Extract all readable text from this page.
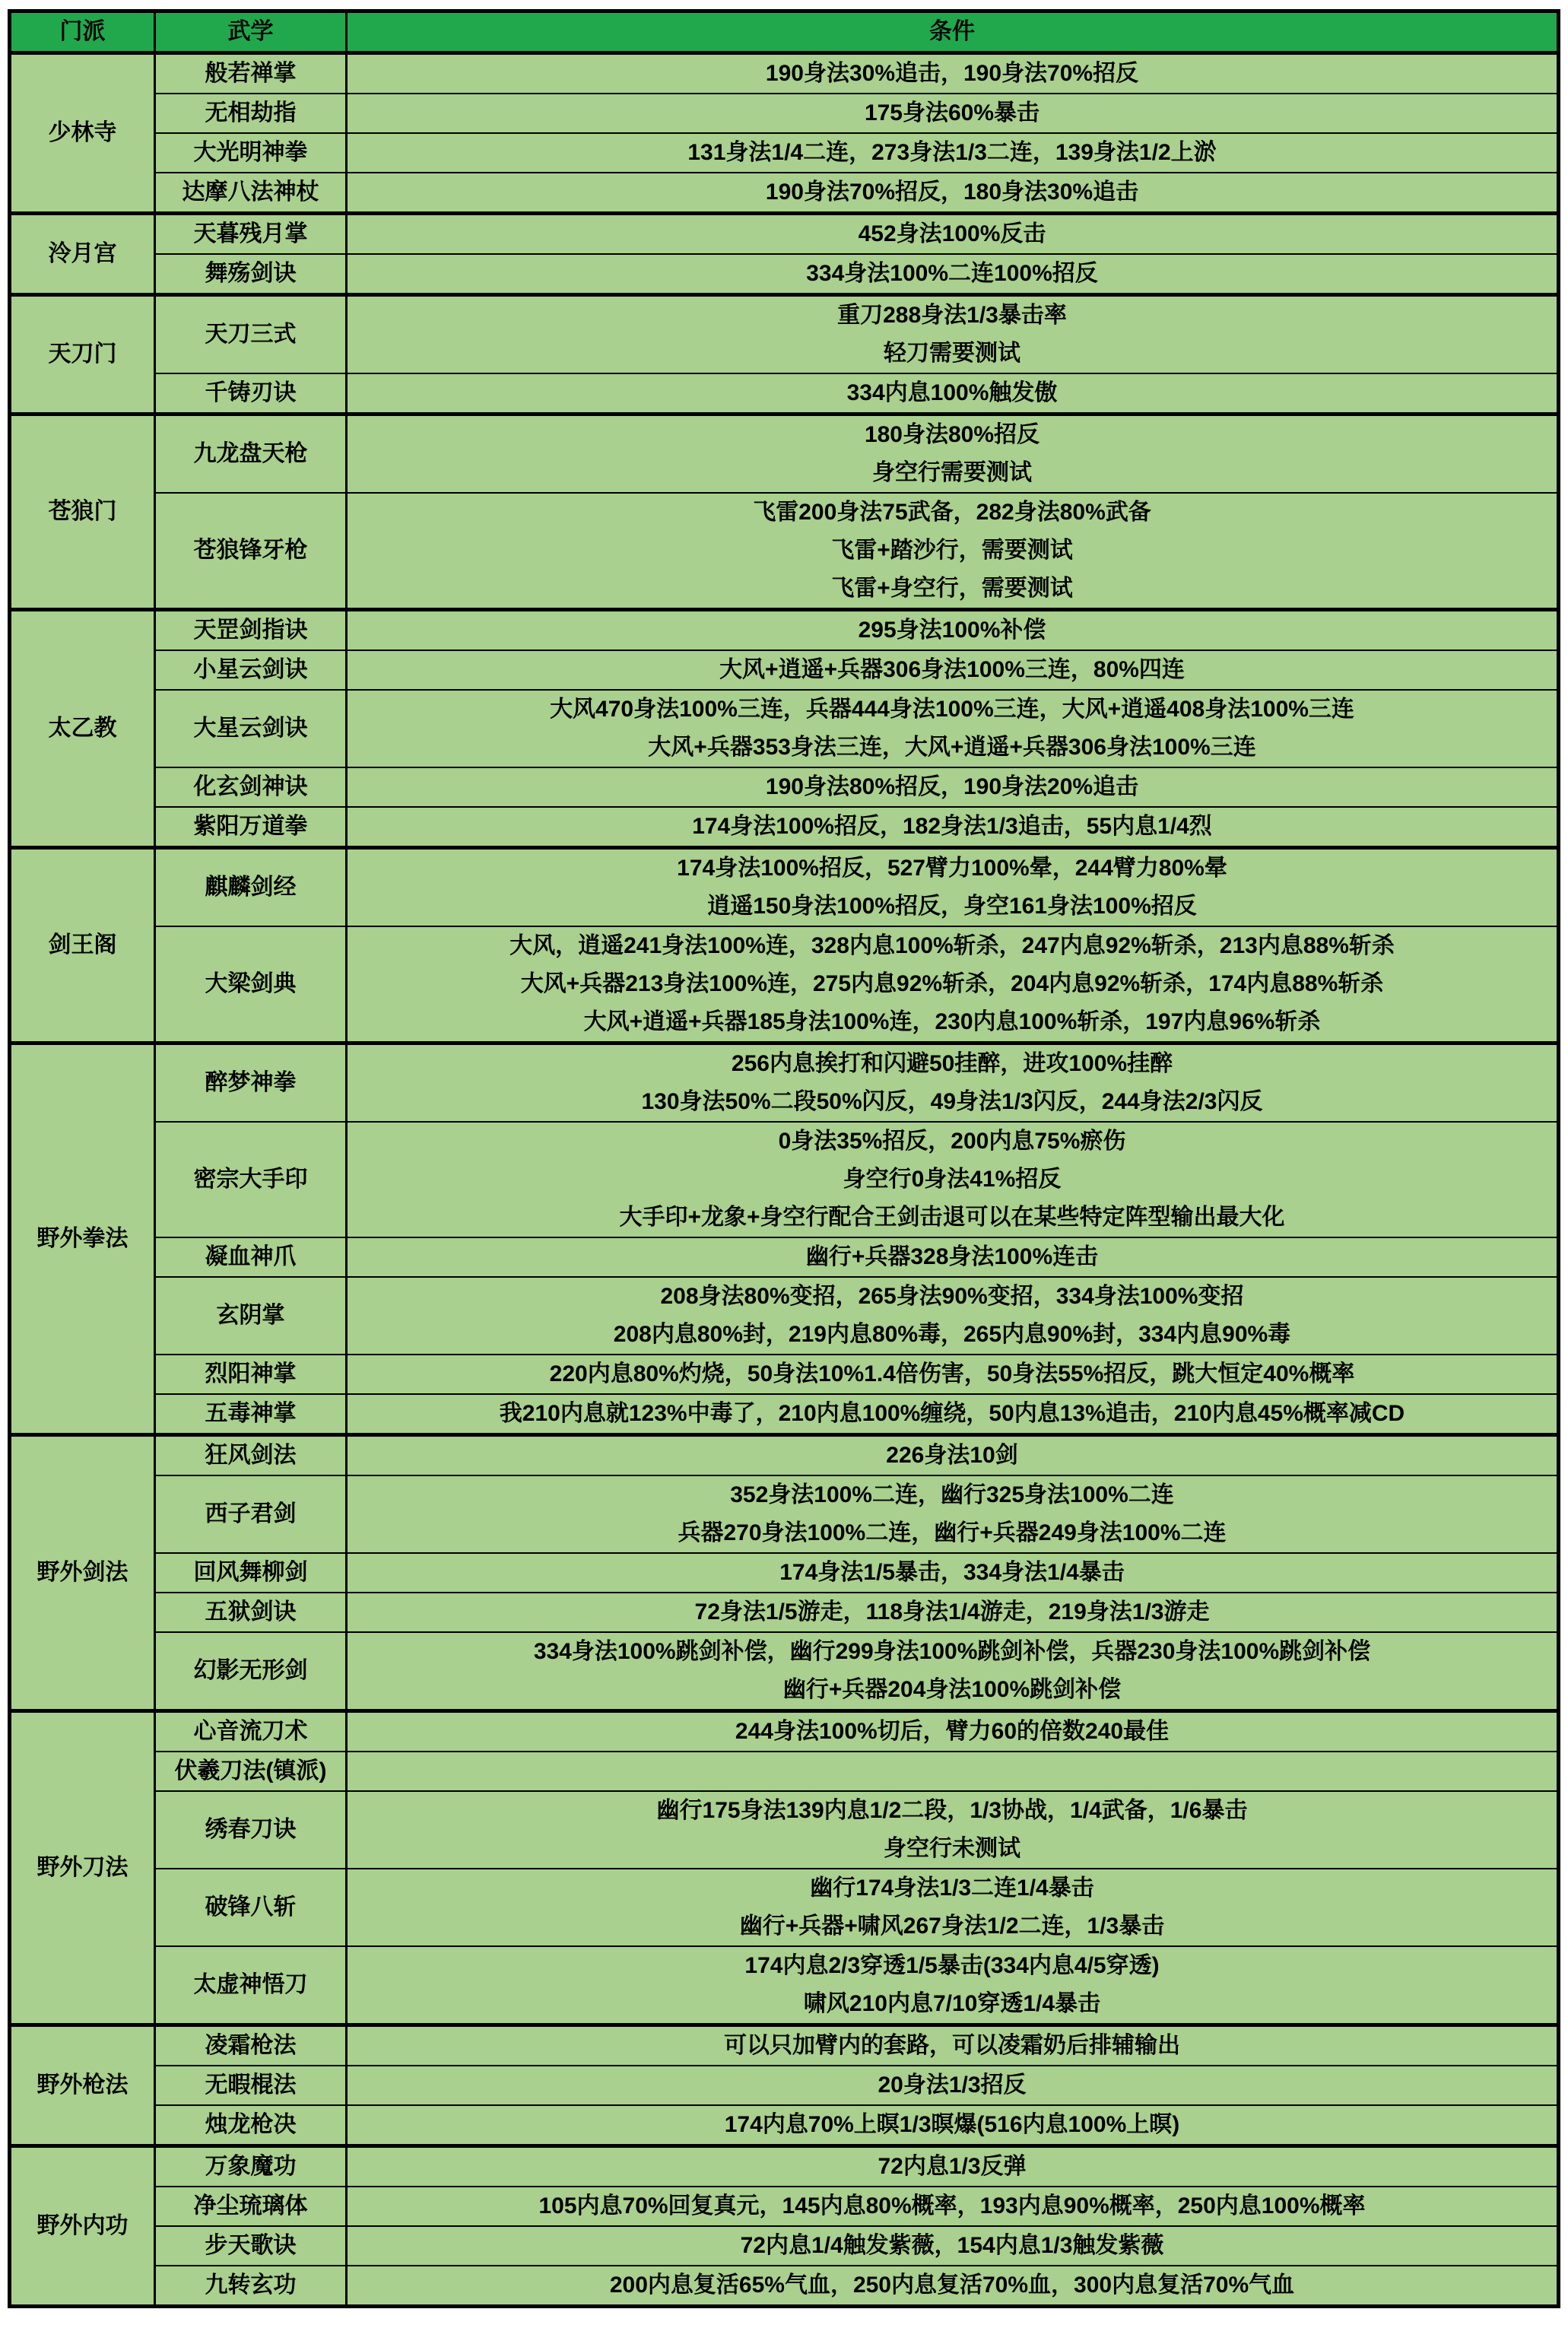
门派	武学	条件
少林寺	般若禅掌	190身法30%追击，190身法70%招反

	无相劫指	175身法60%暴击

	大光明神拳	131身法1/4二连，273身法1/3二连，139身法1/2上淤

	达摩八法神杖	190身法70%招反，180身法30%追击

泠月宫	天暮残月掌	452身法100%反击

	舞殇剑诀	334身法100%二连100%招反

天刀门	天刀三式	重刀288身法1/3暴击率
轻刀需要测试

	千铸刃诀	334内息100%触发傲

苍狼门	九龙盘天枪	180身法80%招反
身空行需要测试

	苍狼锋牙枪	飞雷200身法75武备，282身法80%武备
飞雷+踏沙行，需要测试
飞雷+身空行，需要测试

太乙教	天罡剑指诀	295身法100%补偿

	小星云剑诀	大风+逍遥+兵器306身法100%三连，80%四连

	大星云剑诀	大风470身法100%三连，兵器444身法100%三连，大风+逍遥408身法100%三连
大风+兵器353身法三连，大风+逍遥+兵器306身法100%三连

	化玄剑神诀	190身法80%招反，190身法20%追击

	紫阳万道拳	174身法100%招反，182身法1/3追击，55内息1/4烈

剑王阁	麒麟剑经	174身法100%招反，527臂力100%晕，244臂力80%晕
逍遥150身法100%招反，身空161身法100%招反

	大梁剑典	大风，逍遥241身法100%连，328内息100%斩杀，247内息92%斩杀，213内息88%斩杀
大风+兵器213身法100%连，275内息92%斩杀，204内息92%斩杀，174内息88%斩杀
大风+逍遥+兵器185身法100%连，230内息100%斩杀，197内息96%斩杀

野外拳法	醉梦神拳	256内息挨打和闪避50挂醉，进攻100%挂醉
130身法50%二段50%闪反，49身法1/3闪反，244身法2/3闪反

	密宗大手印	0身法35%招反，200内息75%瘀伤
身空行0身法41%招反
大手印+龙象+身空行配合王剑击退可以在某些特定阵型输出最大化

	凝血神爪	幽行+兵器328身法100%连击

	玄阴掌	208身法80%变招，265身法90%变招，334身法100%变招
208内息80%封，219内息80%毒，265内息90%封，334内息90%毒

	烈阳神掌	220内息80%灼烧，50身法10%1.4倍伤害，50身法55%招反，跳大恒定40%概率

	五毒神掌	我210内息就123%中毒了，210内息100%缠绕，50内息13%追击，210内息45%概率减CD

野外剑法	狂风剑法	226身法10剑

	西子君剑	352身法100%二连，幽行325身法100%二连
兵器270身法100%二连，幽行+兵器249身法100%二连

	回风舞柳剑	174身法1/5暴击，334身法1/4暴击

	五狱剑诀	72身法1/5游走，118身法1/4游走，219身法1/3游走

	幻影无形剑	334身法100%跳剑补偿，幽行299身法100%跳剑补偿，兵器230身法100%跳剑补偿
幽行+兵器204身法100%跳剑补偿

野外刀法	心音流刀术	244身法100%切后，臂力60的倍数240最佳

	伏羲刀法(镇派)	

	绣春刀诀	幽行175身法139内息1/2二段，1/3协战，1/4武备，1/6暴击
身空行未测试

	破锋八斩	幽行174身法1/3二连1/4暴击
幽行+兵器+啸风267身法1/2二连，1/3暴击

	太虚神悟刀	174内息2/3穿透1/5暴击(334内息4/5穿透)
啸风210内息7/10穿透1/4暴击

野外枪法	凌霜枪法	可以只加臂内的套路，可以凌霜奶后排辅输出

	无暇棍法	20身法1/3招反

	烛龙枪决	174内息70%上暝1/3暝爆(516内息100%上暝)

野外内功	万象魔功	72内息1/3反弹

	净尘琉璃体	105内息70%回复真元，145内息80%概率，193内息90%概率，250内息100%概率

	步天歌诀	72内息1/4触发紫薇，154内息1/3触发紫薇

	九转玄功	200内息复活65%气血，250内息复活70%血，300内息复活70%气血
